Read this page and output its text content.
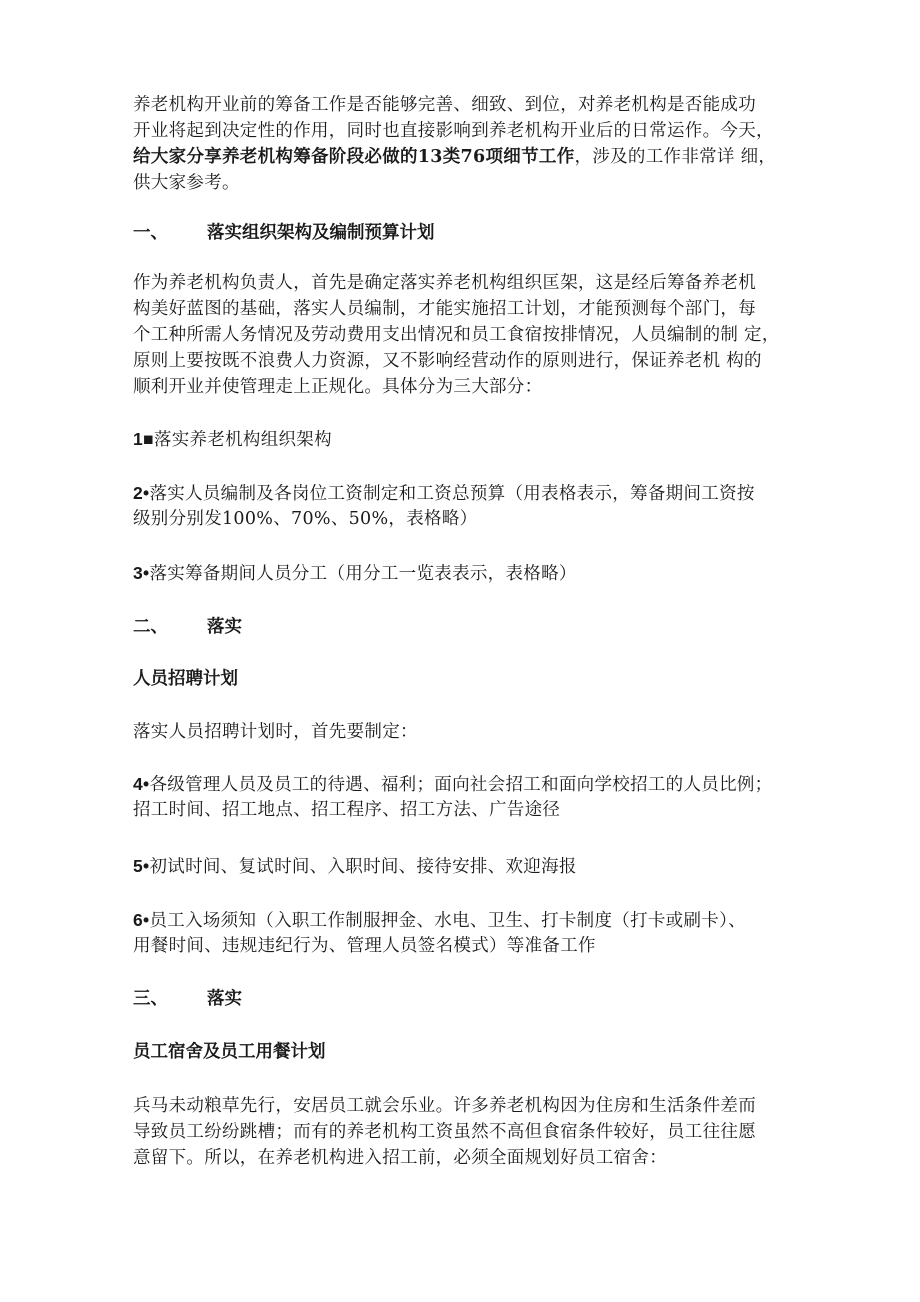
养老机构开业前的筹备工作是否能够完善、细致、到位，对养老机构是否能成功
开业将起到决定性的作用，同时也直接影响到养老机构开业后的日常运作。今天，
给大家分享养老机构筹备阶段必做的13类76项细节工作，涉及的工作非常详 细，
供大家参考。
一、 落实组织架构及编制预算计划
作为养老机构负责人，首先是确定落实养老机构组织匡架，这是经后筹备养老机
构美好蓝图的基础，落实人员编制，才能实施招工计划，才能预测每个部门，每
个工种所需人务情况及劳动费用支出情况和员工食宿按排情况，人员编制的制 定，
原则上要按既不浪费人力资源，又不影响经营动作的原则进行，保证养老机 构的
顺利开业并使管理走上正规化。具体分为三大部分：
1■落实养老机构组织架构
2•落实人员编制及各岗位工资制定和工资总预算（用表格表示，筹备期间工资按
级别分别发100%、70%、50%，表格略）
3•落实筹备期间人员分工（用分工一览表表示，表格略）
二、 落实
人员招聘计划
落实人员招聘计划时，首先要制定：
4•各级管理人员及员工的待遇、福利；面向社会招工和面向学校招工的人员比例；
招工时间、招工地点、招工程序、招工方法、广告途径
5•初试时间、复试时间、入职时间、接待安排、欢迎海报
6•员工入场须知（入职工作制服押金、水电、卫生、打卡制度（打卡或刷卡）、
用餐时间、违规违纪行为、管理人员签名模式）等准备工作
三、 落实
员工宿舍及员工用餐计划
兵马未动粮草先行，安居员工就会乐业。许多养老机构因为住房和生活条件差而
导致员工纷纷跳槽；而有的养老机构工资虽然不高但食宿条件较好，员工往往愿
意留下。所以，在养老机构进入招工前，必须全面规划好员工宿舍：
